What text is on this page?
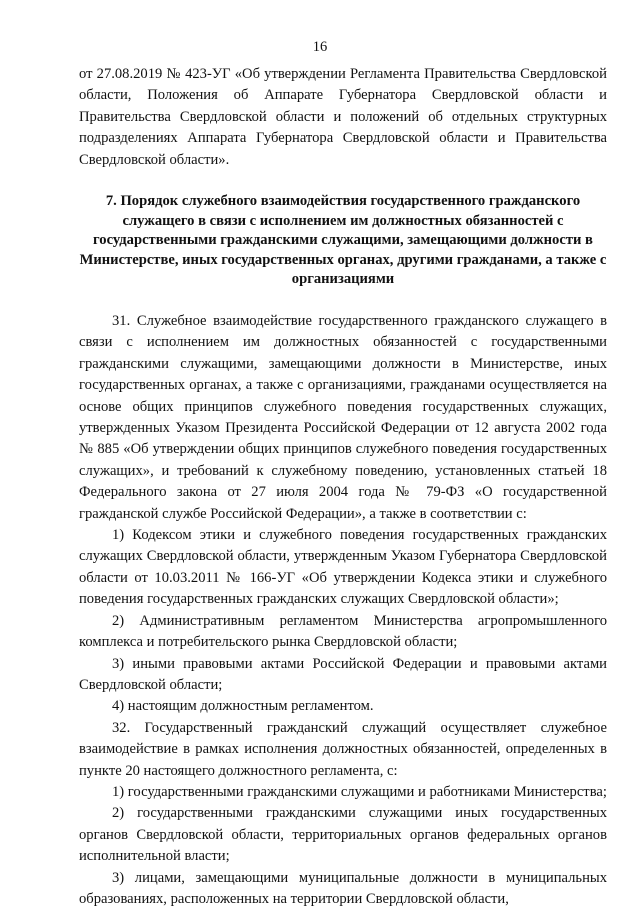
16

от 27.08.2019 № 423-УГ «Об утверждении Регламента Правительства Свердловской области, Положения об Аппарате Губернатора Свердловской области и Правительства Свердловской области и положений об отдельных структурных подразделениях Аппарата Губернатора Свердловской области и Правительства Свердловской области».

7. Порядок служебного взаимодействия государственного гражданского служащего в связи с исполнением им должностных обязанностей с государственными гражданскими служащими, замещающими должности в Министерстве, иных государственных органах, другими гражданами, а также с организациями

31. Служебное взаимодействие государственного гражданского служащего в связи с исполнением им должностных обязанностей с государственными гражданскими служащими, замещающими должности в Министерстве, иных государственных органах, а также с организациями, гражданами осуществляется на основе общих принципов служебного поведения государственных служащих, утвержденных Указом Президента Российской Федерации от 12 августа 2002 года № 885 «Об утверждении общих принципов служебного поведения государственных служащих», и требований к служебному поведению, установленных статьей 18 Федерального закона от 27 июля 2004 года № 79-ФЗ «О государственной гражданской службе Российской Федерации», а также в соответствии с:

1) Кодексом этики и служебного поведения государственных гражданских служащих Свердловской области, утвержденным Указом Губернатора Свердловской области от 10.03.2011 № 166-УГ «Об утверждении Кодекса этики и служебного поведения государственных гражданских служащих Свердловской области»;

2) Административным регламентом Министерства агропромышленного комплекса и потребительского рынка Свердловской области;

3) иными правовыми актами Российской Федерации и правовыми актами Свердловской области;

4) настоящим должностным регламентом.

32. Государственный гражданский служащий осуществляет служебное взаимодействие в рамках исполнения должностных обязанностей, определенных в пункте 20 настоящего должностного регламента, с:

1) государственными гражданскими служащими и работниками Министерства;

2) государственными гражданскими служащими иных государственных органов Свердловской области, территориальных органов федеральных органов исполнительной власти;

3) лицами, замещающими муниципальные должности в муниципальных образованиях, расположенных на территории Свердловской области,
